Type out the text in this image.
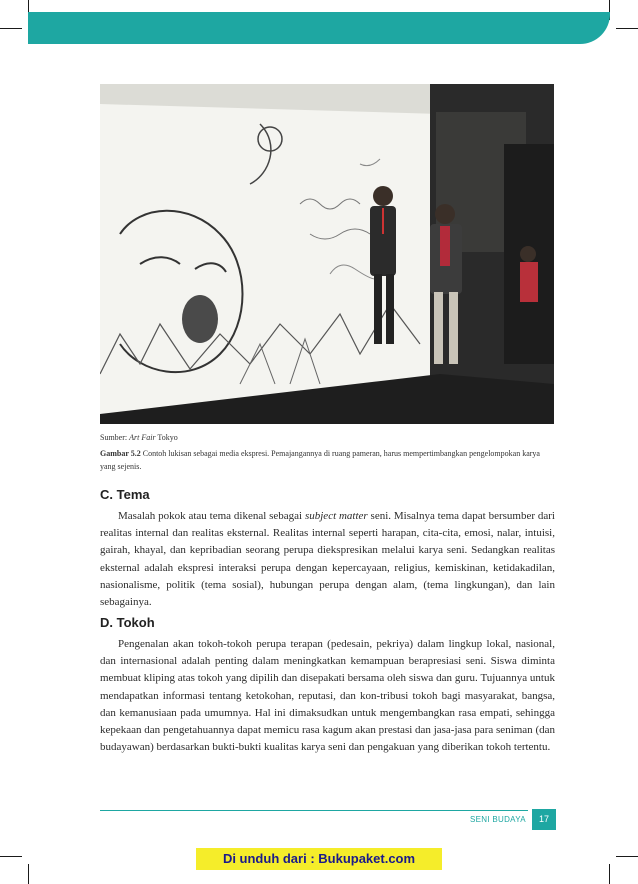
Sumber: Art Fair Tokyo
Gambar 5.2 Contoh lukisan sebagai media ekspresi. Pemajangannya di ruang pameran, harus mempertimbangkan pengelompokan karya yang sejenis.
C. Tema

Masalah pokok atau tema dikenal sebagai subject matter seni. Misalnya tema dapat bersumber dari realitas internal dan realitas eksternal. Realitas internal seperti harapan, cita-cita, emosi, nalar, intuisi, gairah, khayal, dan kepribadian seorang perupa diekspresikan melalui karya seni. Sedangkan realitas eksternal adalah ekspresi interaksi perupa dengan kepercayaan, religius, kemiskinan, ketidakadilan, nasionalisme, politik (tema sosial), hubungan perupa dengan alam, (tema lingkungan), dan lain sebagainya.

D. Tokoh

Pengenalan akan tokoh-tokoh perupa terapan (pedesain, pekriya) dalam lingkup lokal, nasional, dan internasional adalah penting dalam meningkatkan kemampuan berapresiasi seni. Siswa diminta membuat kliping atas tokoh yang dipilih dan disepakati bersama oleh siswa dan guru. Tujuannya untuk mendapatkan informasi tentang ketokohan, reputasi, dan kon-tribusi tokoh bagi masyarakat, bangsa, dan kemanusiaan pada umumnya. Hal ini dimaksudkan untuk mengembangkan rasa empati, sehingga kepekaan dan pengetahuannya dapat memicu rasa kagum akan prestasi dan jasa-jasa para seniman (dan budayawan) berdasarkan bukti-bukti kualitas karya seni dan pengakuan yang diberikan tokoh tertentu.

SENI BUDAYA	17
Di unduh dari : Bukupaket.com
